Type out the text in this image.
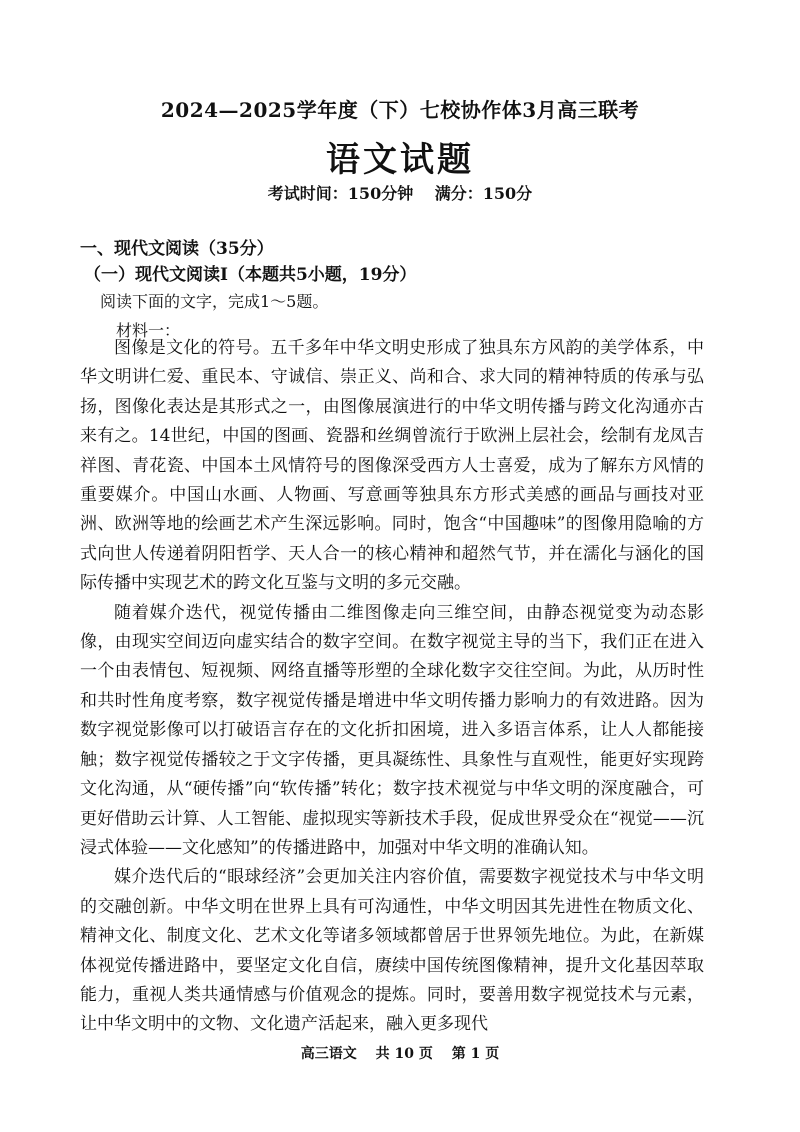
2024—2025学年度（下）七校协作体3月高三联考
语文试题
考试时间：150分钟 满分：150分
一、现代文阅读（35分）
（一）现代文阅读Ⅰ（本题共5小题，19分）
阅读下面的文字，完成1～5题。
材料一：

图像是文化的符号。五千多年中华文明史形成了独具东方风韵的美学体系，中华文明讲仁爱、重民本、守诚信、崇正义、尚和合、求大同的精神特质的传承与弘扬，图像化表达是其形式之一，由图像展演进行的中华文明传播与跨文化沟通亦古来有之。14世纪，中国的图画、瓷器和丝绸曾流行于欧洲上层社会，绘制有龙凤吉祥图、青花瓷、中国本土风情符号的图像深受西方人士喜爱，成为了解东方风情的重要媒介。中国山水画、人物画、写意画等独具东方形式美感的画品与画技对亚洲、欧洲等地的绘画艺术产生深远影响。同时，饱含“中国趣味”的图像用隐喻的方式向世人传递着阴阳哲学、天人合一的核心精神和超然气节，并在濡化与涵化的国际传播中实现艺术的跨文化互鉴与文明的多元交融。

随着媒介迭代，视觉传播由二维图像走向三维空间，由静态视觉变为动态影像，由现实空间迈向虚实结合的数字空间。在数字视觉主导的当下，我们正在进入一个由表情包、短视频、网络直播等形塑的全球化数字交往空间。为此，从历时性和共时性角度考察，数字视觉传播是增进中华文明传播力影响力的有效进路。因为数字视觉影像可以打破语言存在的文化折扣困境，进入多语言体系，让人人都能接触；数字视觉传播较之于文字传播，更具凝练性、具象性与直观性，能更好实现跨文化沟通，从“硬传播”向“软传播”转化；数字技术视觉与中华文明的深度融合，可更好借助云计算、人工智能、虚拟现实等新技术手段，促成世界受众在“视觉——沉浸式体验——文化感知”的传播进路中，加强对中华文明的准确认知。

媒介迭代后的“眼球经济”会更加关注内容价值，需要数字视觉技术与中华文明的交融创新。中华文明在世界上具有可沟通性，中华文明因其先进性在物质文化、精神文化、制度文化、艺术文化等诸多领域都曾居于世界领先地位。为此，在新媒体视觉传播进路中，要坚定文化自信，赓续中国传统图像精神，提升文化基因萃取能力，重视人类共通情感与价值观念的提炼。同时，要善用数字视觉技术与元素，让中华文明中的文物、文化遗产活起来，融入更多现代

高三语文 共 10 页 第 1 页
